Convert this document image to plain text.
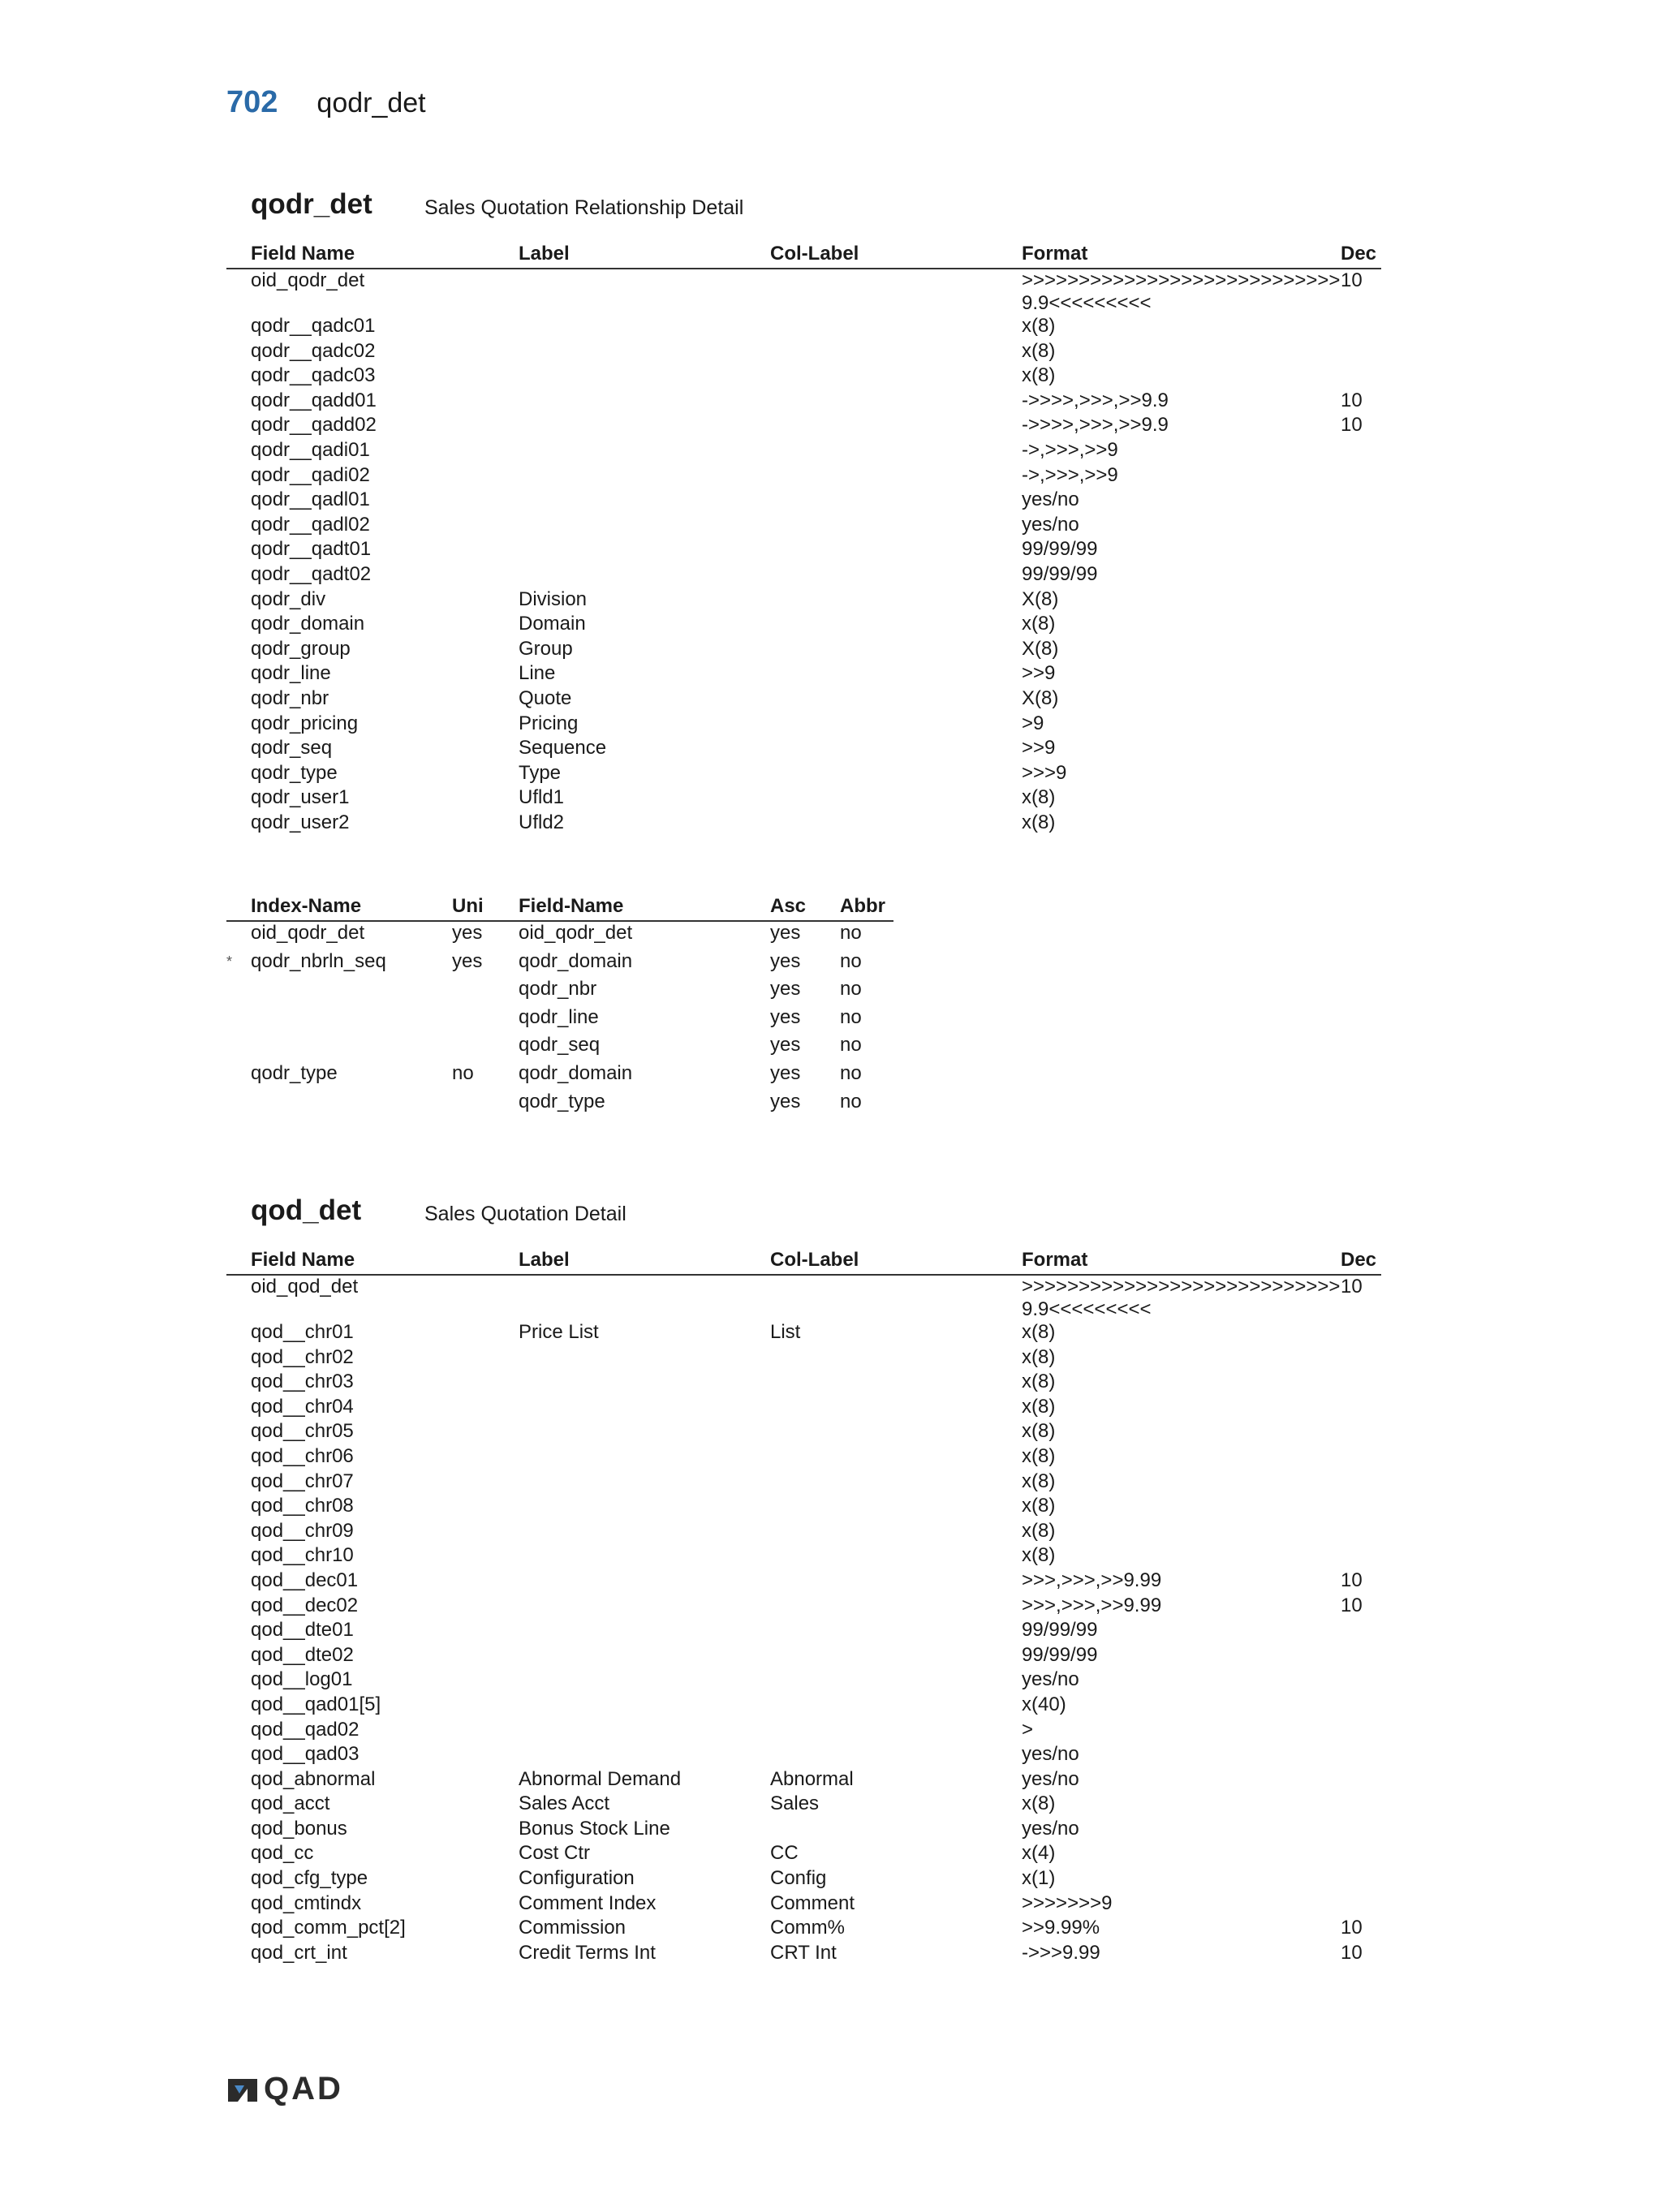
702 qodr_det
qodr_det	Sales Quotation Relationship Detail
	Field Name	Label	Col-Label	Format	Dec
	oid_qodr_det			>>>>>>>>>>>>>>>>>>>>>>>>>>>>9.9<<<<<<<<<	10
	qodr__qadc01			x(8)	
	qodr__qadc02			x(8)	
	qodr__qadc03			x(8)	
	qodr__qadd01			->>>>,>>>,>>9.9	10
	qodr__qadd02			->>>>,>>>,>>9.9	10
	qodr__qadi01			->,>>>,>>9	
	qodr__qadi02			->,>>>,>>9	
	qodr__qadl01			yes/no	
	qodr__qadl02			yes/no	
	qodr__qadt01			99/99/99	
	qodr__qadt02			99/99/99	
	qodr_div	Division		X(8)	
	qodr_domain	Domain		x(8)	
	qodr_group	Group		X(8)	
	qodr_line	Line		>>9	
	qodr_nbr	Quote		X(8)	
	qodr_pricing	Pricing		>9	
	qodr_seq	Sequence		>>9	
	qodr_type	Type		>>>9	
	qodr_user1	Ufld1		x(8)	
	qodr_user2	Ufld2		x(8)	
	Index-Name	Uni	Field-Name	Asc	Abbr
	oid_qodr_det	yes	oid_qodr_det	yes	no
*	qodr_nbrln_seq	yes	qodr_domain	yes	no
			qodr_nbr	yes	no
			qodr_line	yes	no
			qodr_seq	yes	no
	qodr_type	no	qodr_domain	yes	no
			qodr_type	yes	no
qod_det	Sales Quotation Detail
	Field Name	Label	Col-Label	Format	Dec
	oid_qod_det			>>>>>>>>>>>>>>>>>>>>>>>>>>>>9.9<<<<<<<<<	10
	qod__chr01	Price List	List	x(8)	
	qod__chr02			x(8)	
	qod__chr03			x(8)	
	qod__chr04			x(8)	
	qod__chr05			x(8)	
	qod__chr06			x(8)	
	qod__chr07			x(8)	
	qod__chr08			x(8)	
	qod__chr09			x(8)	
	qod__chr10			x(8)	
	qod__dec01			>>>,>>>,>>9.99	10
	qod__dec02			>>>,>>>,>>9.99	10
	qod__dte01			99/99/99	
	qod__dte02			99/99/99	
	qod__log01			yes/no	
	qod__qad01[5]			x(40)	
	qod__qad02			>	
	qod__qad03			yes/no	
	qod_abnormal	Abnormal Demand	Abnormal	yes/no	
	qod_acct	Sales Acct	Sales	x(8)	
	qod_bonus	Bonus Stock Line		yes/no	
	qod_cc	Cost Ctr	CC	x(4)	
	qod_cfg_type	Configuration	Config	x(1)	
	qod_cmtindx	Comment Index	Comment	>>>>>>>9	
	qod_comm_pct[2]	Commission	Comm%	>>9.99%	10
	qod_crt_int	Credit Terms Int	CRT Int	->>>9.99	10
QAD
